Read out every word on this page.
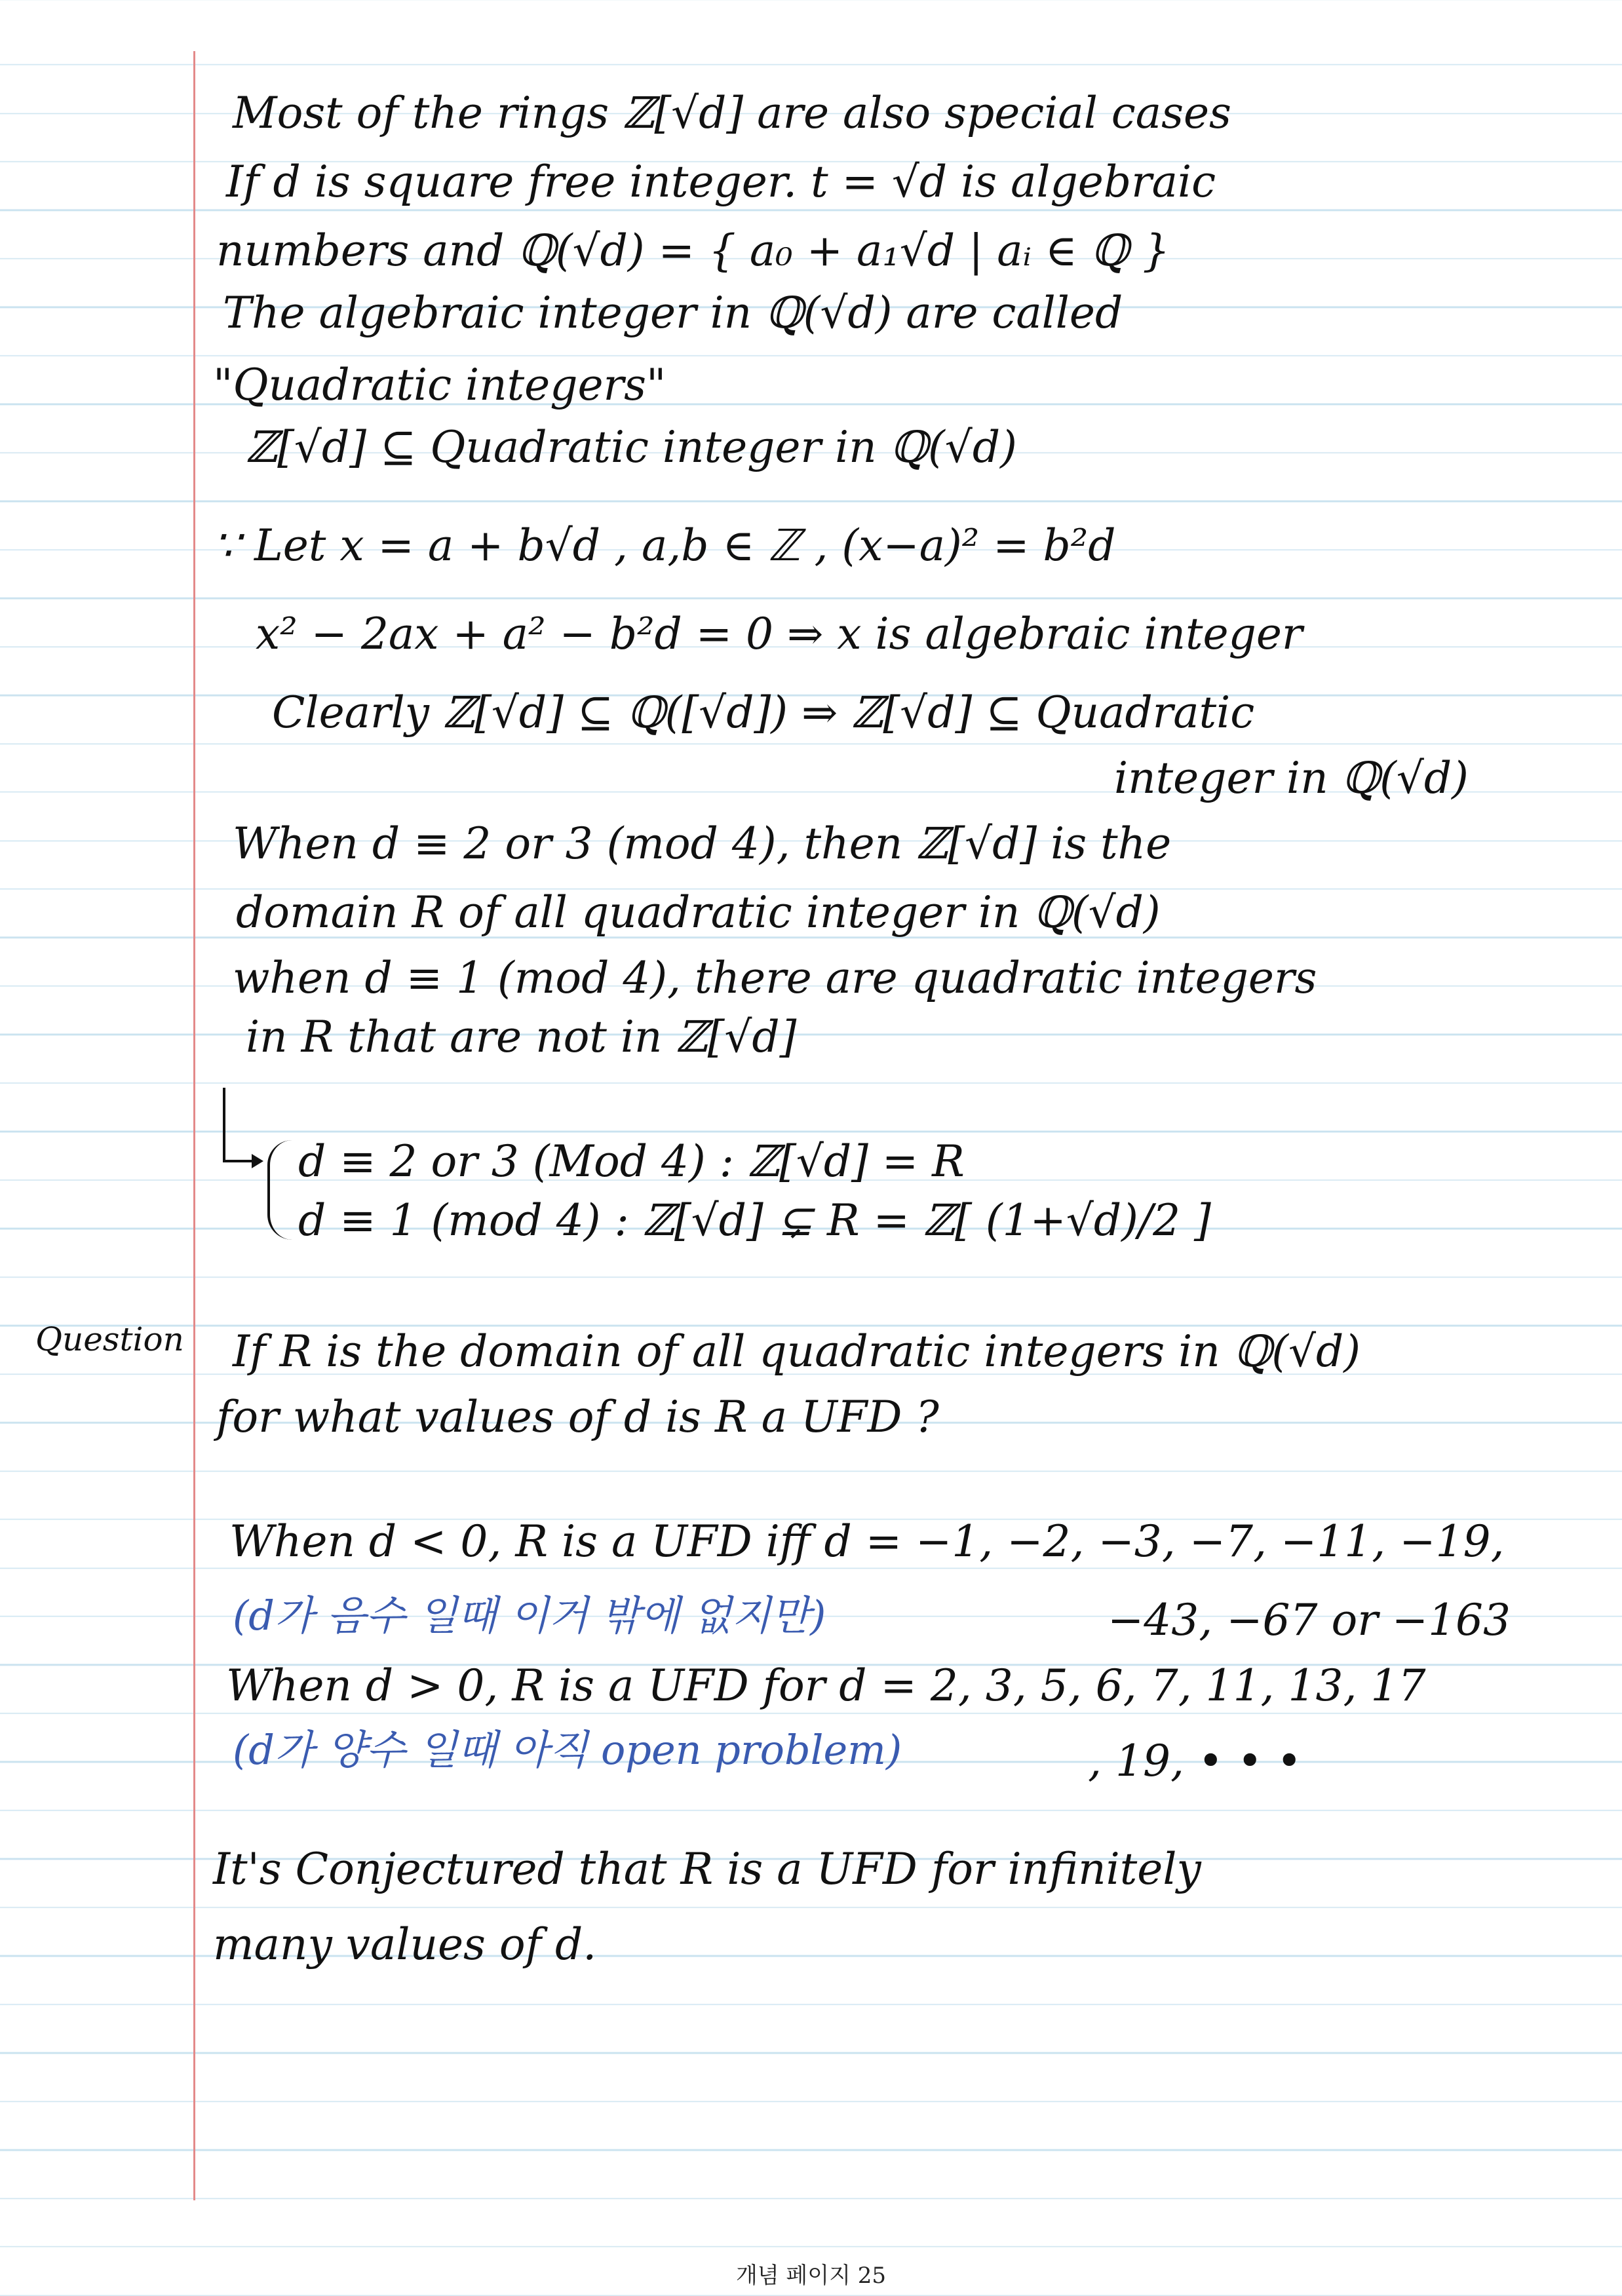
Most of the rings ℤ[√d] are also special cases
If d is square free integer. t = √d is algebraic
numbers and ℚ(√d) = { a₀ + a₁√d | aᵢ ∈ ℚ }
The algebraic integer in ℚ(√d) are called
"Quadratic integers"
ℤ[√d] ⊆ Quadratic integer in ℚ(√d)
∵ Let x = a + b√d , a,b ∈ ℤ , (x−a)² = b²d
x² − 2ax + a² − b²d = 0 ⇒ x is algebraic integer
Clearly ℤ[√d] ⊆ ℚ([√d]) ⇒ ℤ[√d] ⊆ Quadratic
integer in ℚ(√d)
When d ≡ 2 or 3 (mod 4), then ℤ[√d] is the
domain R of all quadratic integer in ℚ(√d)
when d ≡ 1 (mod 4), there are quadratic integers
in R that are not in ℤ[√d]
d ≡ 2 or 3 (Mod 4) : ℤ[√d] = R
d ≡ 1 (mod 4) : ℤ[√d] ⊊ R = ℤ[ (1+√d)/2 ]
Question If R is the domain of all quadratic integers in ℚ(√d)
for what values of d is R a UFD ?
When d < 0, R is a UFD iff d = −1, −2, −3, −7, −11, −19,
(d가 음수 일때 이거 밖에 없지만)	−43, −67 or −163
When d > 0, R is a UFD for d = 2, 3, 5, 6, 7, 11, 13, 17
(d가 양수 일때 아직 open problem)	, 19, • • •
It's Conjectured that R is a UFD for infinitely
many values of d.
개념 페이지 25
